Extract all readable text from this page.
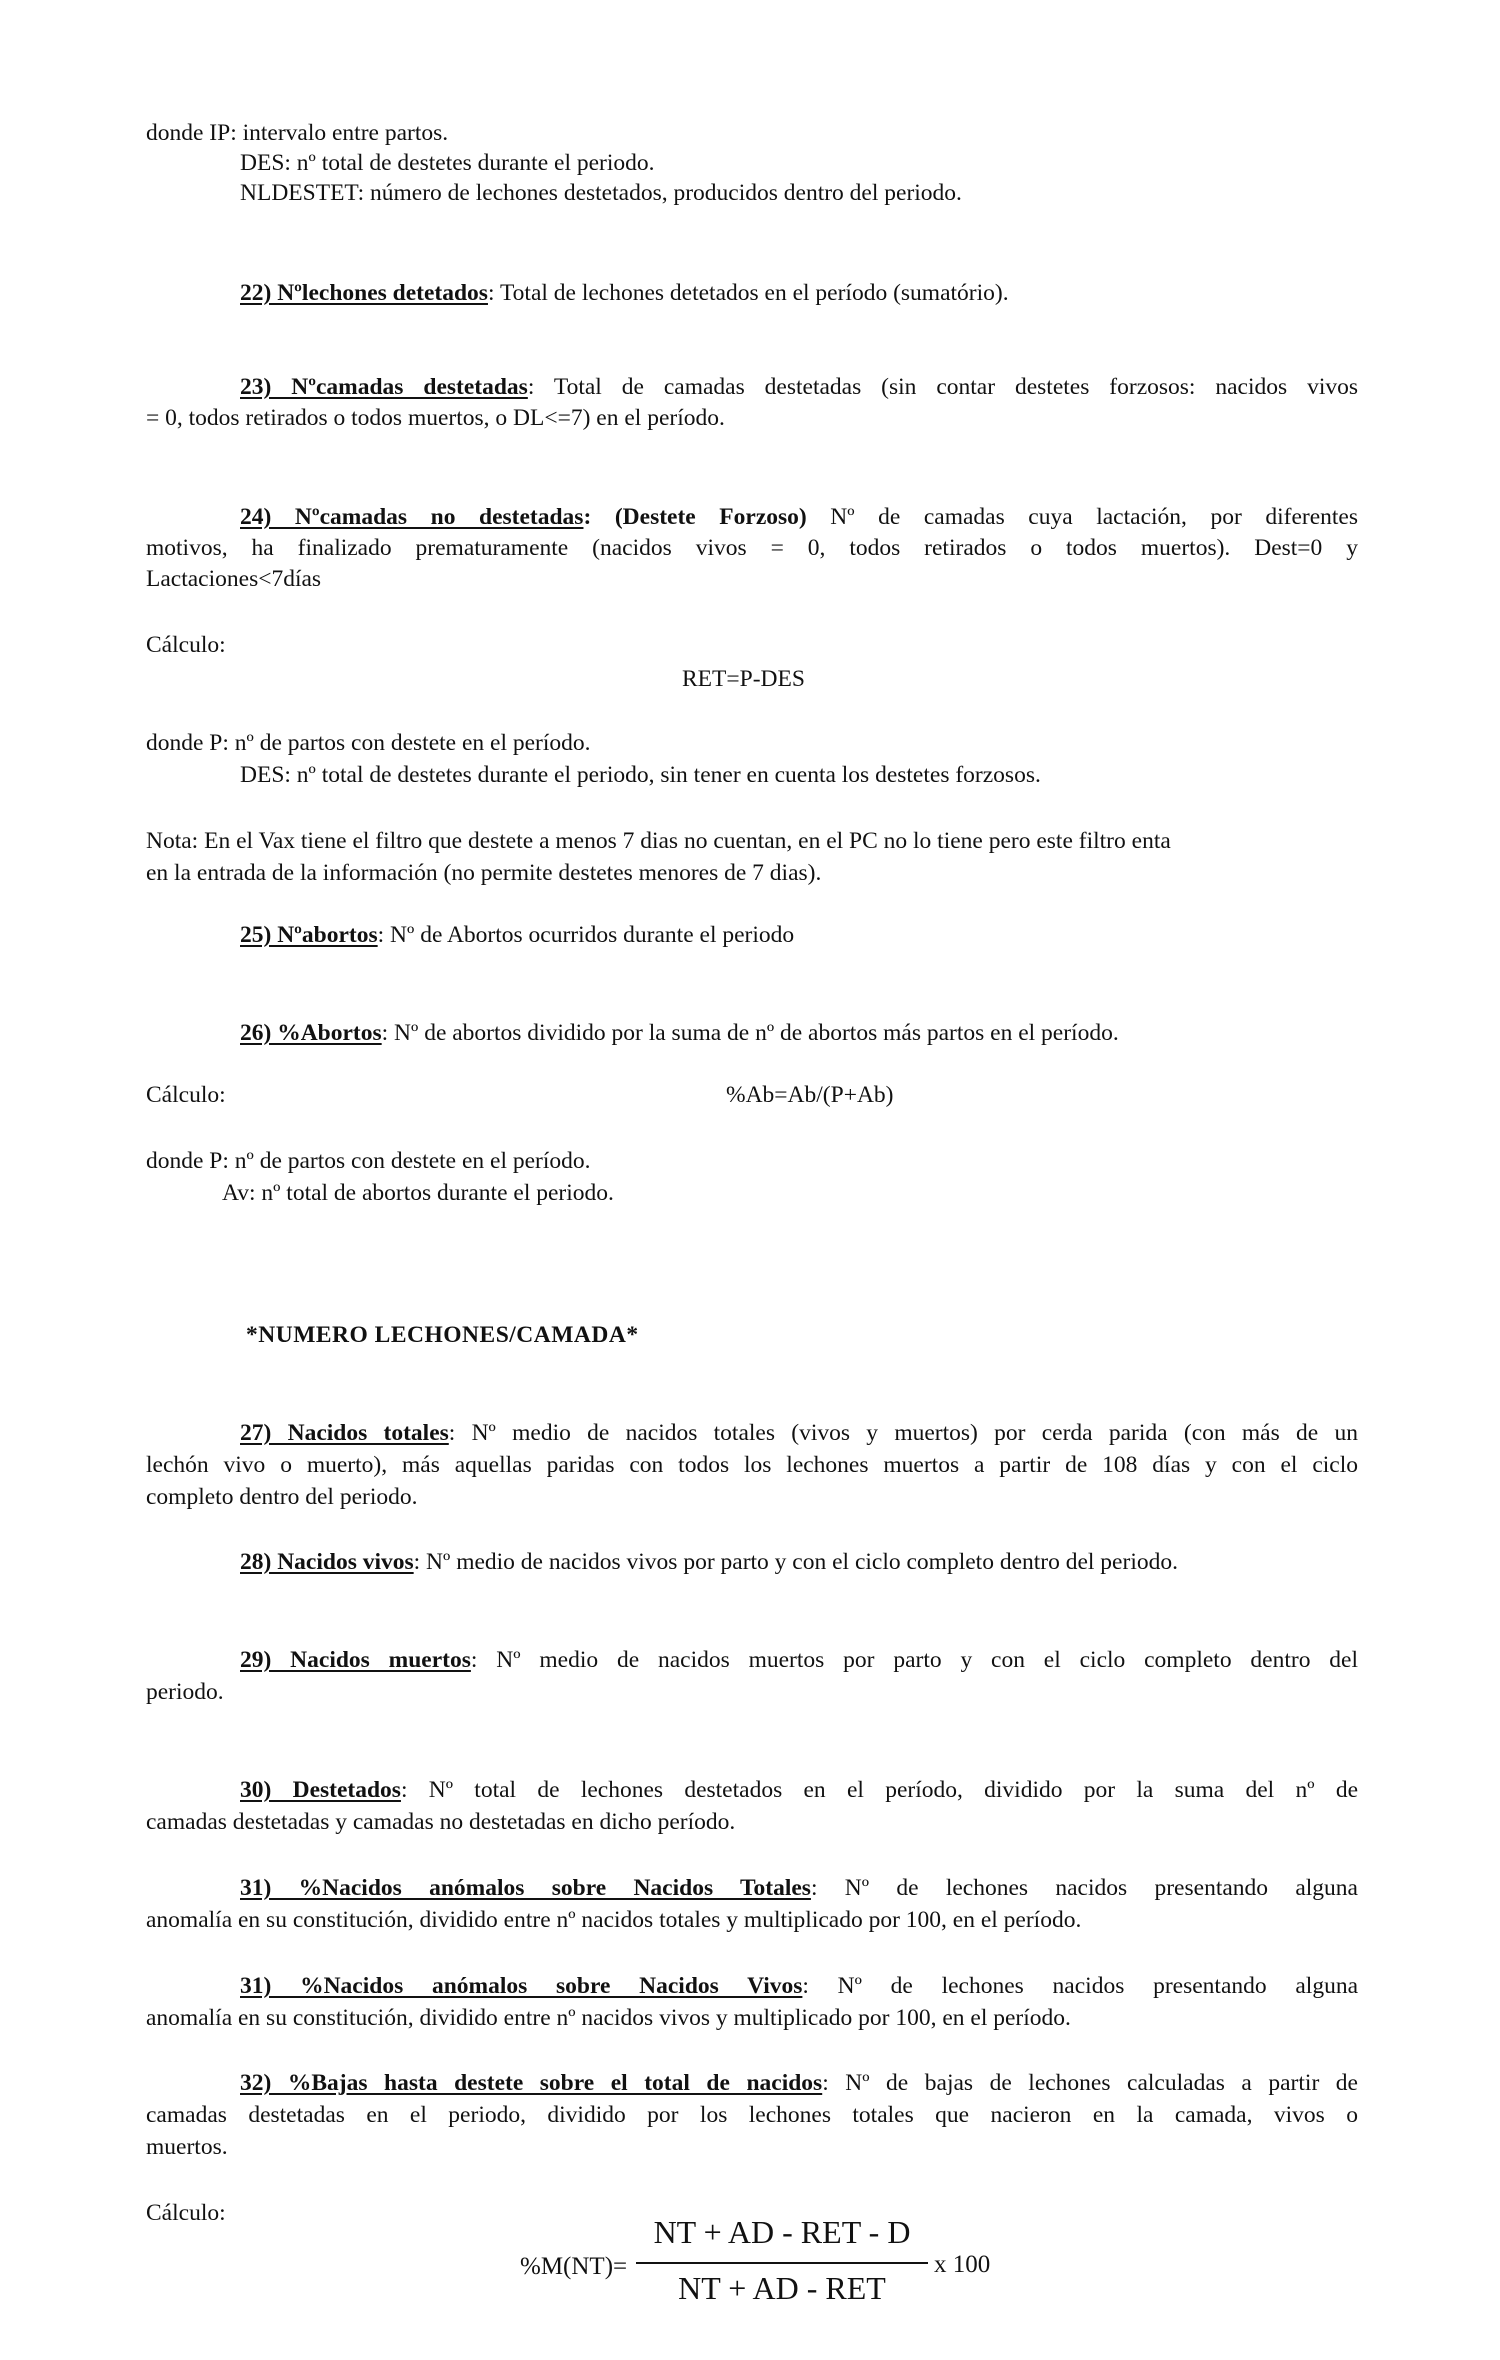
donde IP: intervalo entre partos.
DES: nº total de destetes durante el periodo.
NLDESTET: número de lechones destetados, producidos dentro del periodo.
22) Nºlechones detetados: Total de lechones detetados en el período (sumatório).
23) Nºcamadas destetadas: Total de camadas destetadas (sin contar destetes forzosos: nacidos vivos
= 0, todos retirados o todos muertos, o DL<=7) en el período.
24) Nºcamadas no destetadas: (Destete Forzoso) Nº de camadas cuya lactación, por diferentes
motivos, ha finalizado prematuramente (nacidos vivos = 0, todos retirados o todos muertos). Dest=0 y
Lactaciones<7días
Cálculo:
RET=P-DES
donde P: nº de partos con destete en el período.
DES: nº total de destetes durante el periodo, sin tener en cuenta los destetes forzosos.
Nota: En el Vax tiene el filtro que destete a menos 7 dias no cuentan, en el PC no lo tiene pero este filtro enta
en la entrada de la información (no permite destetes menores de 7 dias).
25) Nºabortos: Nº de Abortos ocurridos durante el periodo
26) %Abortos: Nº de abortos dividido por la suma de nº de abortos más partos en el período.
Cálculo:	%Ab=Ab/(P+Ab)
donde P: nº de partos con destete en el período.
Av: nº total de abortos durante el periodo.
*NUMERO LECHONES/CAMADA*
27) Nacidos totales: Nº medio de nacidos totales (vivos y muertos) por cerda parida (con más de un
lechón vivo o muerto), más aquellas paridas con todos los lechones muertos a partir de 108 días y con el ciclo
completo dentro del periodo.
28) Nacidos vivos: Nº medio de nacidos vivos por parto y con el ciclo completo dentro del periodo.
29) Nacidos muertos: Nº medio de nacidos muertos por parto y con el ciclo completo dentro del
periodo.
30) Destetados: Nº total de lechones destetados en el período, dividido por la suma del nº de
camadas destetadas y camadas no destetadas en dicho período.
31) %Nacidos anómalos sobre Nacidos Totales: Nº de lechones nacidos presentando alguna
anomalía en su constitución, dividido entre nº nacidos totales y multiplicado por 100, en el período.
31) %Nacidos anómalos sobre Nacidos Vivos: Nº de lechones nacidos presentando alguna
anomalía en su constitución, dividido entre nº nacidos vivos y multiplicado por 100, en el período.
32) %Bajas hasta destete sobre el total de nacidos: Nº de bajas de lechones calculadas a partir de
camadas destetadas en el periodo, dividido por los lechones totales que nacieron en la camada, vivos o
muertos.
Cálculo:
%M(NT)=
NT + AD - RET - D
NT + AD - RET
x 100
